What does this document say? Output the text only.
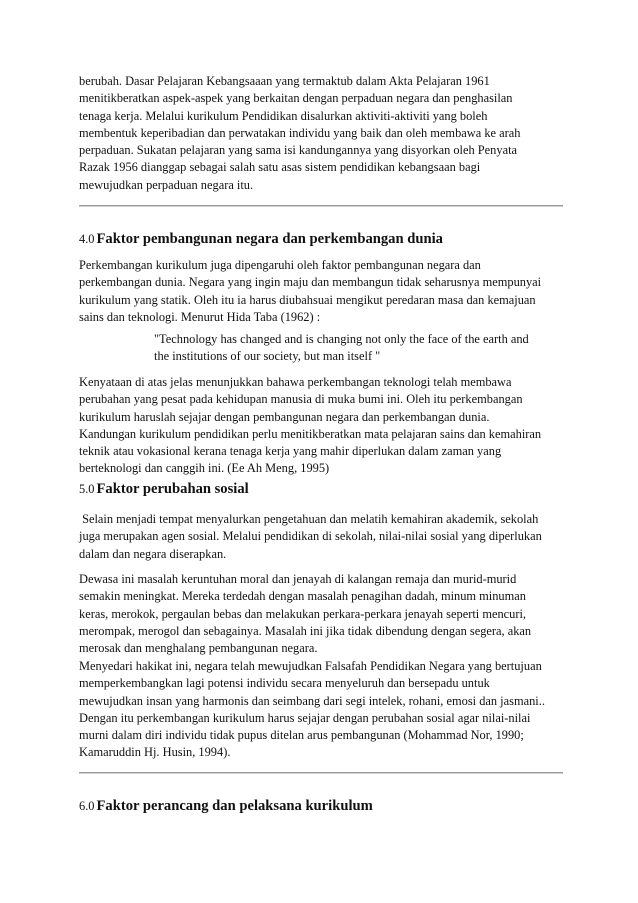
berubah. Dasar Pelajaran Kebangsaaan yang termaktub dalam Akta Pelajaran 1961
menitikberatkan aspek-aspek yang berkaitan dengan perpaduan negara dan penghasilan
tenaga kerja. Melalui kurikulum Pendidikan disalurkan aktiviti-aktiviti yang boleh
membentuk keperibadian dan perwatakan individu yang baik dan oleh membawa ke arah
perpaduan. Sukatan pelajaran yang sama isi kandungannya yang disyorkan oleh Penyata
Razak 1956 dianggap sebagai salah satu asas sistem pendidikan kebangsaan bagi
mewujudkan perpaduan negara itu.
4.0 Faktor pembangunan negara dan perkembangan dunia
Perkembangan kurikulum juga dipengaruhi oleh faktor pembangunan negara dan
perkembangan dunia. Negara yang ingin maju dan membangun tidak seharusnya mempunyai
kurikulum yang statik. Oleh itu ia harus diubahsuai mengikut peredaran masa dan kemajuan
sains dan teknologi. Menurut Hida Taba (1962) :
"Technology has changed and is changing not only the face of the earth and
the institutions of our society, but man itself "
Kenyataan di atas jelas menunjukkan bahawa perkembangan teknologi telah membawa
perubahan yang pesat pada kehidupan manusia di muka bumi ini. Oleh itu perkembangan
kurikulum haruslah sejajar dengan pembangunan negara dan perkembangan dunia.
Kandungan kurikulum pendidikan perlu menitikberatkan mata pelajaran sains dan kemahiran
teknik atau vokasional kerana tenaga kerja yang mahir diperlukan dalam zaman yang
berteknologi dan canggih ini. (Ee Ah Meng, 1995)
5.0 Faktor perubahan sosial
Selain menjadi tempat menyalurkan pengetahuan dan melatih kemahiran akademik, sekolah
juga merupakan agen sosial. Melalui pendidikan di sekolah, nilai-nilai sosial yang diperlukan
dalam dan negara diserapkan.
Dewasa ini masalah keruntuhan moral dan jenayah di kalangan remaja dan murid-murid
semakin meningkat. Mereka terdedah dengan masalah penagihan dadah, minum minuman
keras, merokok, pergaulan bebas dan melakukan perkara-perkara jenayah seperti mencuri,
merompak, merogol dan sebagainya. Masalah ini jika tidak dibendung dengan segera, akan
merosak dan menghalang pembangunan negara.
Menyedari hakikat ini, negara telah mewujudkan Falsafah Pendidikan Negara yang bertujuan
memperkembangkan lagi potensi individu secara menyeluruh dan bersepadu untuk
mewujudkan insan yang harmonis dan seimbang dari segi intelek, rohani, emosi dan jasmani..
Dengan itu perkembangan kurikulum harus sejajar dengan perubahan sosial agar nilai-nilai
murni dalam diri individu tidak pupus ditelan arus pembangunan (Mohammad Nor, 1990;
Kamaruddin Hj. Husin, 1994).
6.0 Faktor perancang dan pelaksana kurikulum
